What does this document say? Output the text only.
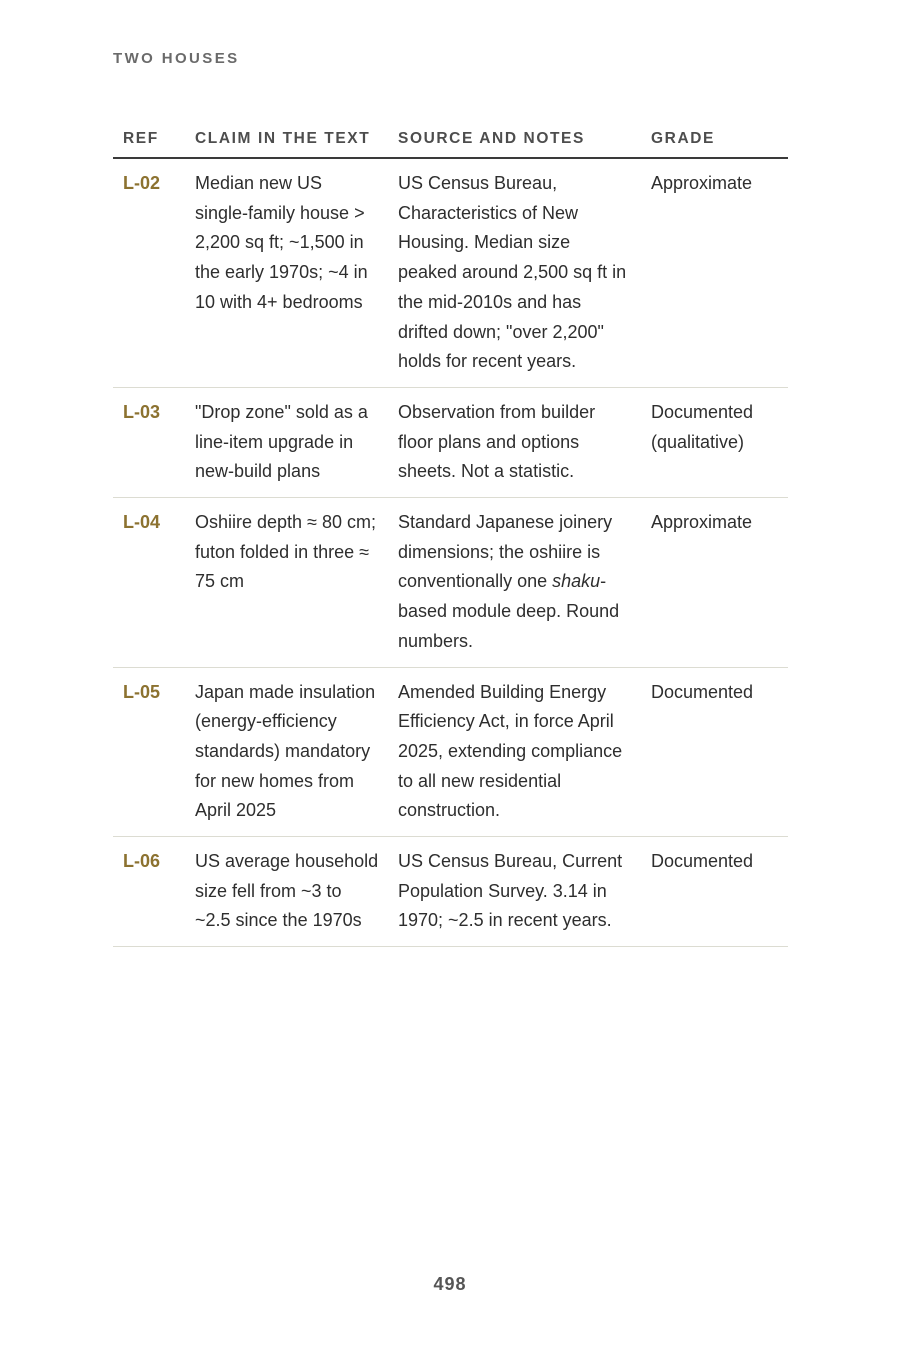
TWO HOUSES

REF	CLAIM IN THE TEXT	SOURCE AND NOTES	GRADE
L-02	Median new US single-family house > 2,200 sq ft; ~1,500 in the early 1970s; ~4 in 10 with 4+ bedrooms	US Census Bureau, Characteristics of New Housing. Median size peaked around 2,500 sq ft in the mid-2010s and has drifted down; "over 2,200" holds for recent years.	Approximate
L-03	"Drop zone" sold as a line-item upgrade in new-build plans	Observation from builder floor plans and options sheets. Not a statistic.	Documented (qualitative)
L-04	Oshiire depth ≈ 80 cm; futon folded in three ≈ 75 cm	Standard Japanese joinery dimensions; the oshiire is conventionally one shaku-based module deep. Round numbers.	Approximate
L-05	Japan made insulation (energy-efficiency standards) mandatory for new homes from April 2025	Amended Building Energy Efficiency Act, in force April 2025, extending compliance to all new residential construction.	Documented
L-06	US average household size fell from ~3 to ~2.5 since the 1970s	US Census Bureau, Current Population Survey. 3.14 in 1970; ~2.5 in recent years.	Documented

498
